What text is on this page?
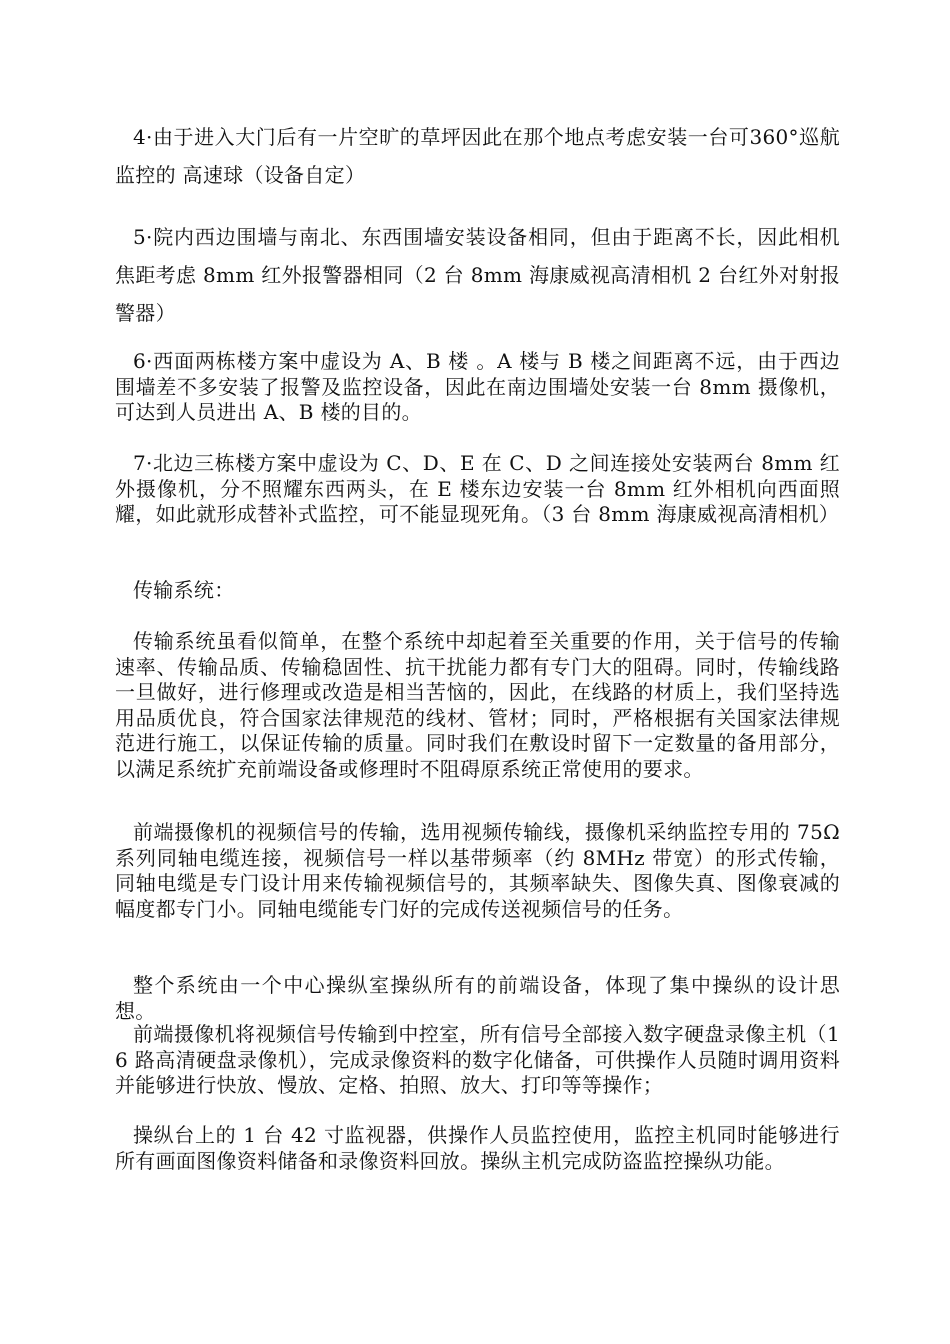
4·由于进入大门后有一片空旷的草坪因此在那个地点考虑安装一台可360°巡航监控的 高速球（设备自定）

5·院内西边围墙与南北、东西围墙安装设备相同，但由于距离不长，因此相机焦距考虑 8mm 红外报警器相同（2 台 8mm 海康威视高清相机 2 台红外对射报警器）

6·西面两栋楼方案中虚设为 A、B 楼 。A 楼与 B 楼之间距离不远，由于西边围墙差不多安装了报警及监控设备，因此在南边围墙处安装一台 8mm 摄像机，可达到人员进出 A、B 楼的目的。

7·北边三栋楼方案中虚设为 C、D、E 在 C、D 之间连接处安装两台 8mm 红外摄像机，分不照耀东西两头，在 E 楼东边安装一台 8mm 红外相机向西面照耀，如此就形成替补式监控，可不能显现死角。（3 台 8mm 海康威视高清相机）

传输系统：

传输系统虽看似简单，在整个系统中却起着至关重要的作用，关于信号的传输速率、传输品质、传输稳固性、抗干扰能力都有专门大的阻碍。同时，传输线路一旦做好，进行修理或改造是相当苦恼的，因此，在线路的材质上，我们坚持选用品质优良，符合国家法律规范的线材、管材；同时，严格根据有关国家法律规范进行施工，以保证传输的质量。同时我们在敷设时留下一定数量的备用部分，以满足系统扩充前端设备或修理时不阻碍原系统正常使用的要求。

前端摄像机的视频信号的传输，选用视频传输线，摄像机采纳监控专用的 75Ω 系列同轴电缆连接，视频信号一样以基带频率（约 8MHz 带宽）的形式传输，同轴电缆是专门设计用来传输视频信号的，其频率缺失、图像失真、图像衰减的幅度都专门小。同轴电缆能专门好的完成传送视频信号的任务。

整个系统由一个中心操纵室操纵所有的前端设备，体现了集中操纵的设计思想。

前端摄像机将视频信号传输到中控室，所有信号全部接入数字硬盘录像主机（16 路高清硬盘录像机），完成录像资料的数字化储备，可供操作人员随时调用资料并能够进行快放、慢放、定格、拍照、放大、打印等等操作；

操纵台上的 1 台 42 寸监视器，供操作人员监控使用，监控主机同时能够进行所有画面图像资料储备和录像资料回放。操纵主机完成防盗监控操纵功能。
